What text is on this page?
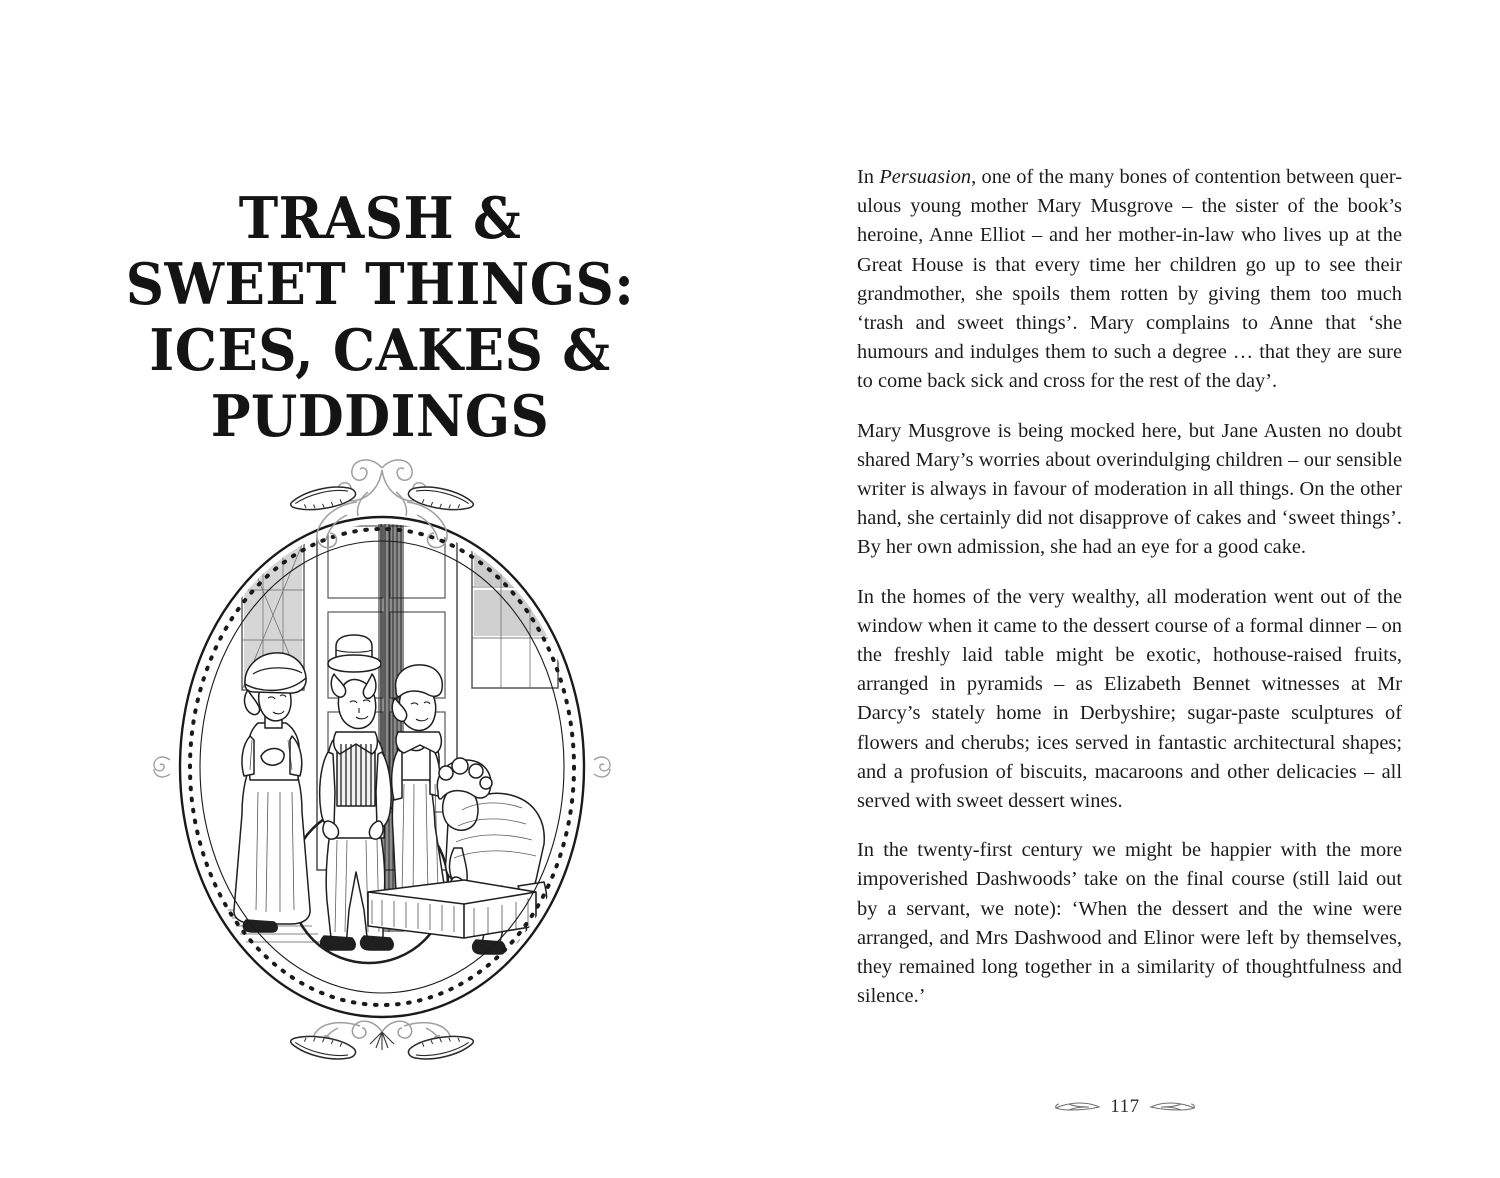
TRASH &
SWEET THINGS:
ICES, CAKES &
PUDDINGS

In Persuasion, one of the many bones of contention between quer-ulous young mother Mary Musgrove – the sister of the book’s heroine, Anne Elliot – and her mother-in-law who lives up at the Great House is that every time her children go up to see their grandmother, she spoils them rotten by giving them too much ‘trash and sweet things’. Mary complains to Anne that ‘she humours and indulges them to such a degree … that they are sure to come back sick and cross for the rest of the day’.

Mary Musgrove is being mocked here, but Jane Austen no doubt shared Mary’s worries about overindulging children – our sensible writer is always in favour of moderation in all things. On the other hand, she certainly did not disapprove of cakes and ‘sweet things’. By her own admission, she had an eye for a good cake.

In the homes of the very wealthy, all moderation went out of the window when it came to the dessert course of a formal dinner – on the freshly laid table might be exotic, hothouse-raised fruits, arranged in pyramids – as Elizabeth Bennet witnesses at Mr Darcy’s stately home in Derbyshire; sugar-paste sculptures of flowers and cherubs; ices served in fantastic architectural shapes; and a profusion of biscuits, macaroons and other delicacies – all served with sweet dessert wines.

In the twenty-first century we might be happier with the more impoverished Dashwoods’ take on the final course (still laid out by a servant, we note): ‘When the dessert and the wine were arranged, and Mrs Dashwood and Elinor were left by themselves, they remained long together in a similarity of thoughtfulness and silence.’

117
